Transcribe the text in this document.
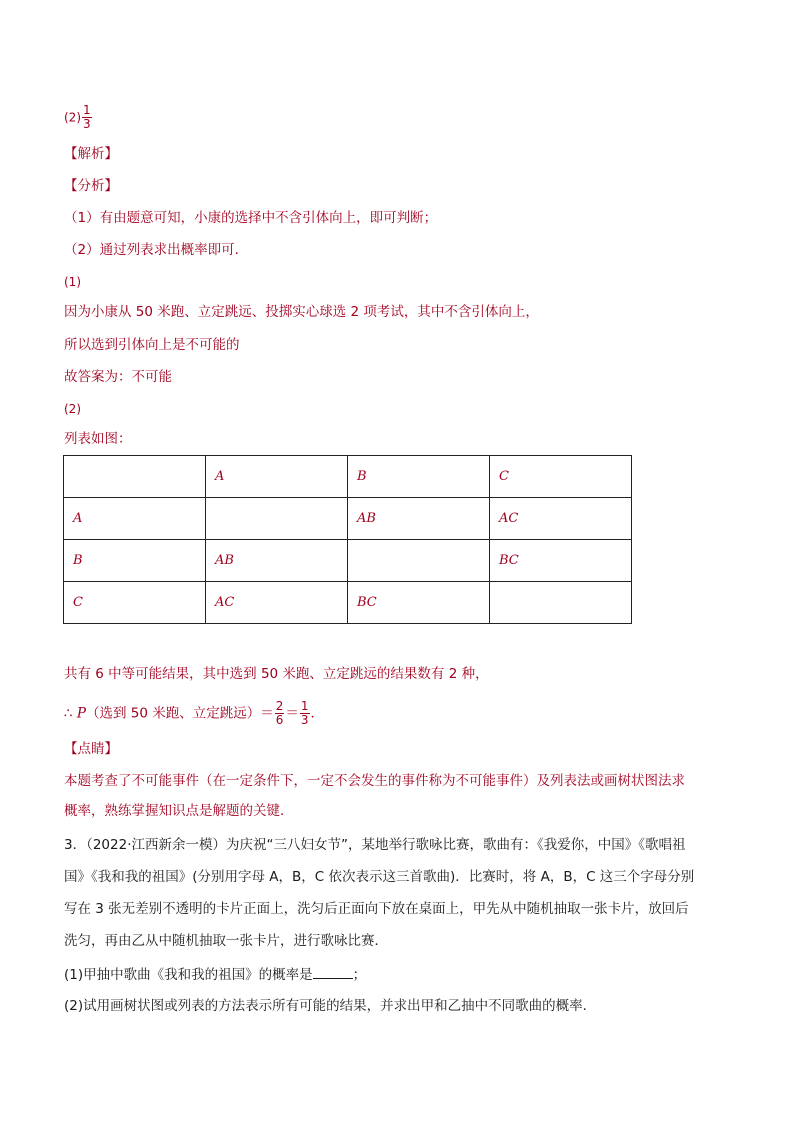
$(2) \frac{1}{3}$
【解析】
【分析】
（1）有由题意可知，小康的选择中不含引体向上，即可判断；
（2）通过列表求出概率即可．
(1)
因为小康从 50 米跑、立定跳远、投掷实心球选 2 项考试，其中不含引体向上，
所以选到引体向上是不可能的
故答案为：不可能
(2)
列表如图：
	A	B	C
A		AB	AC
B	AB		BC
C	AC	BC	
共有 6 中等可能结果，其中选到 50 米跑、立定跳远的结果数有 2 种，
∴ P（选到 50 米跑、立定跳远）＝ $\frac{2}{6} = \frac{1}{3}$ ．
【点睛】
本题考查了不可能事件（在一定条件下，一定不会发生的事件称为不可能事件）及列表法或画树状图法求
概率，熟练掌握知识点是解题的关键．
3．（2022·江西新余一模）为庆祝“三八妇女节”，某地举行歌咏比赛，歌曲有：《我爱你，中国》《歌唱祖
国》《我和我的祖国》(分别用字母 A，B，C 依次表示这三首歌曲)．比赛时，将 A，B，C 这三个字母分别
写在 3 张无差别不透明的卡片正面上，洗匀后正面向下放在桌面上，甲先从中随机抽取一张卡片，放回后
洗匀，再由乙从中随机抽取一张卡片，进行歌咏比赛．
(1)甲抽中歌曲《我和我的祖国》的概率是	；
(2)试用画树状图或列表的方法表示所有可能的结果，并求出甲和乙抽中不同歌曲的概率．
